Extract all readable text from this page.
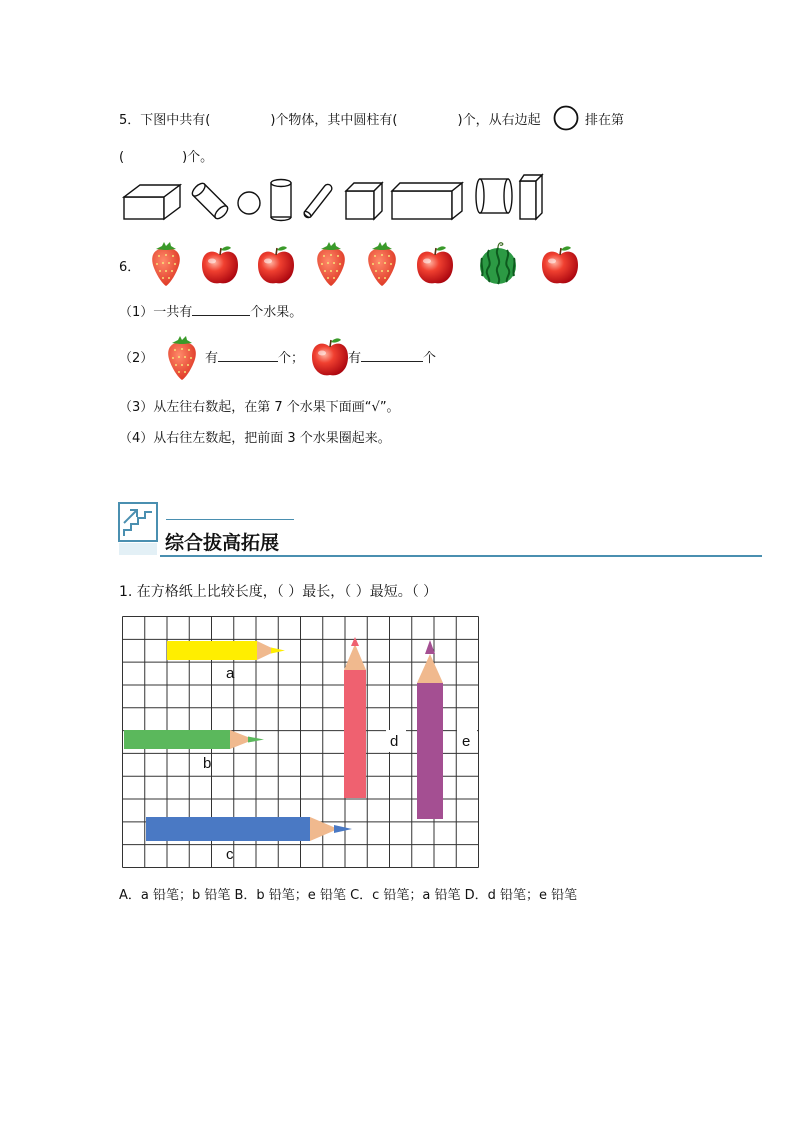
5．下图中共有(	)个物体，其中圆柱有(	)个，从右边起	排在第
(	)个。
6．
（1）一共有	个水果。
（2）	有	个；	有	个
（3）从左往右数起，在第 7 个水果下面画“√”。
（4）从右往左数起，把前面 3 个水果圈起来。
综合拔高拓展
1. 在方格纸上比较长度，（ ）最长，（ ）最短。（ ）
a
b
c
d	e
A．a 铅笔；b 铅笔 B．b 铅笔；e 铅笔 C．c 铅笔；a 铅笔 D．d 铅笔；e 铅笔
